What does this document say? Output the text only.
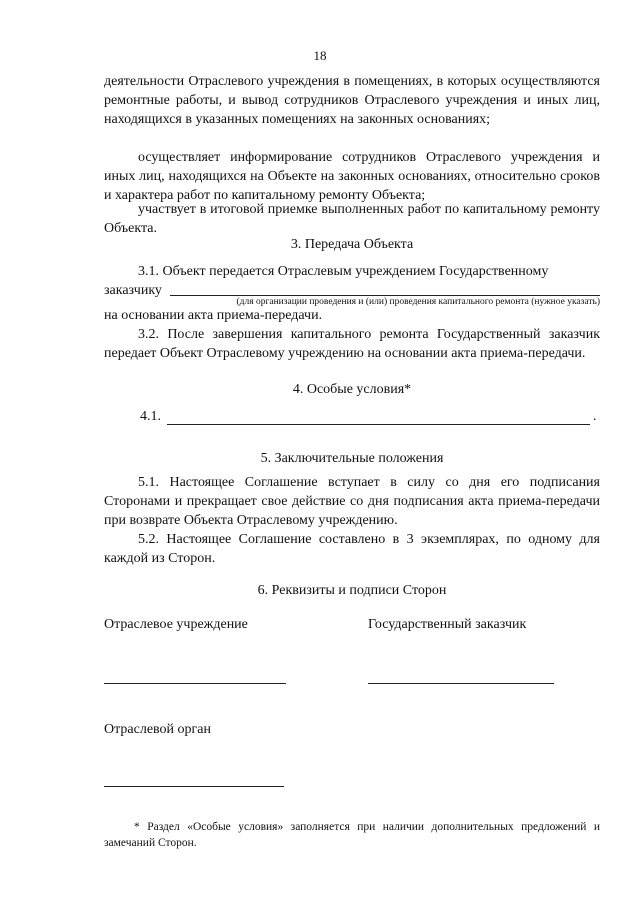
18
деятельности Отраслевого учреждения в помещениях, в которых осуществляются ремонтные работы, и вывод сотрудников Отраслевого учреждения и иных лиц, находящихся в указанных помещениях на законных основаниях;
осуществляет информирование сотрудников Отраслевого учреждения и иных лиц, находящихся на Объекте на законных основаниях, относительно сроков и характера работ по капитальному ремонту Объекта;
участвует в итоговой приемке выполненных работ по капитальному ремонту Объекта.
3. Передача Объекта
3.1. Объект передается Отраслевым учреждением Государственному
заказчику
(для организации проведения и (или) проведения капитального ремонта (нужное указать)
на основании акта приема-передачи.
3.2. После завершения капитального ремонта Государственный заказчик передает Объект Отраслевому учреждению на основании акта приема-передачи.
4. Особые условия*
4.1.	.
5. Заключительные положения
5.1. Настоящее Соглашение вступает в силу со дня его подписания Сторонами и прекращает свое действие со дня подписания акта приема-передачи при возврате Объекта Отраслевому учреждению.
5.2. Настоящее Соглашение составлено в 3 экземплярах, по одному для каждой из Сторон.
6. Реквизиты и подписи Сторон
Отраслевое учреждение	Государственный заказчик
Отраслевой орган
* Раздел «Особые условия» заполняется при наличии дополнительных предложений и замечаний Сторон.
